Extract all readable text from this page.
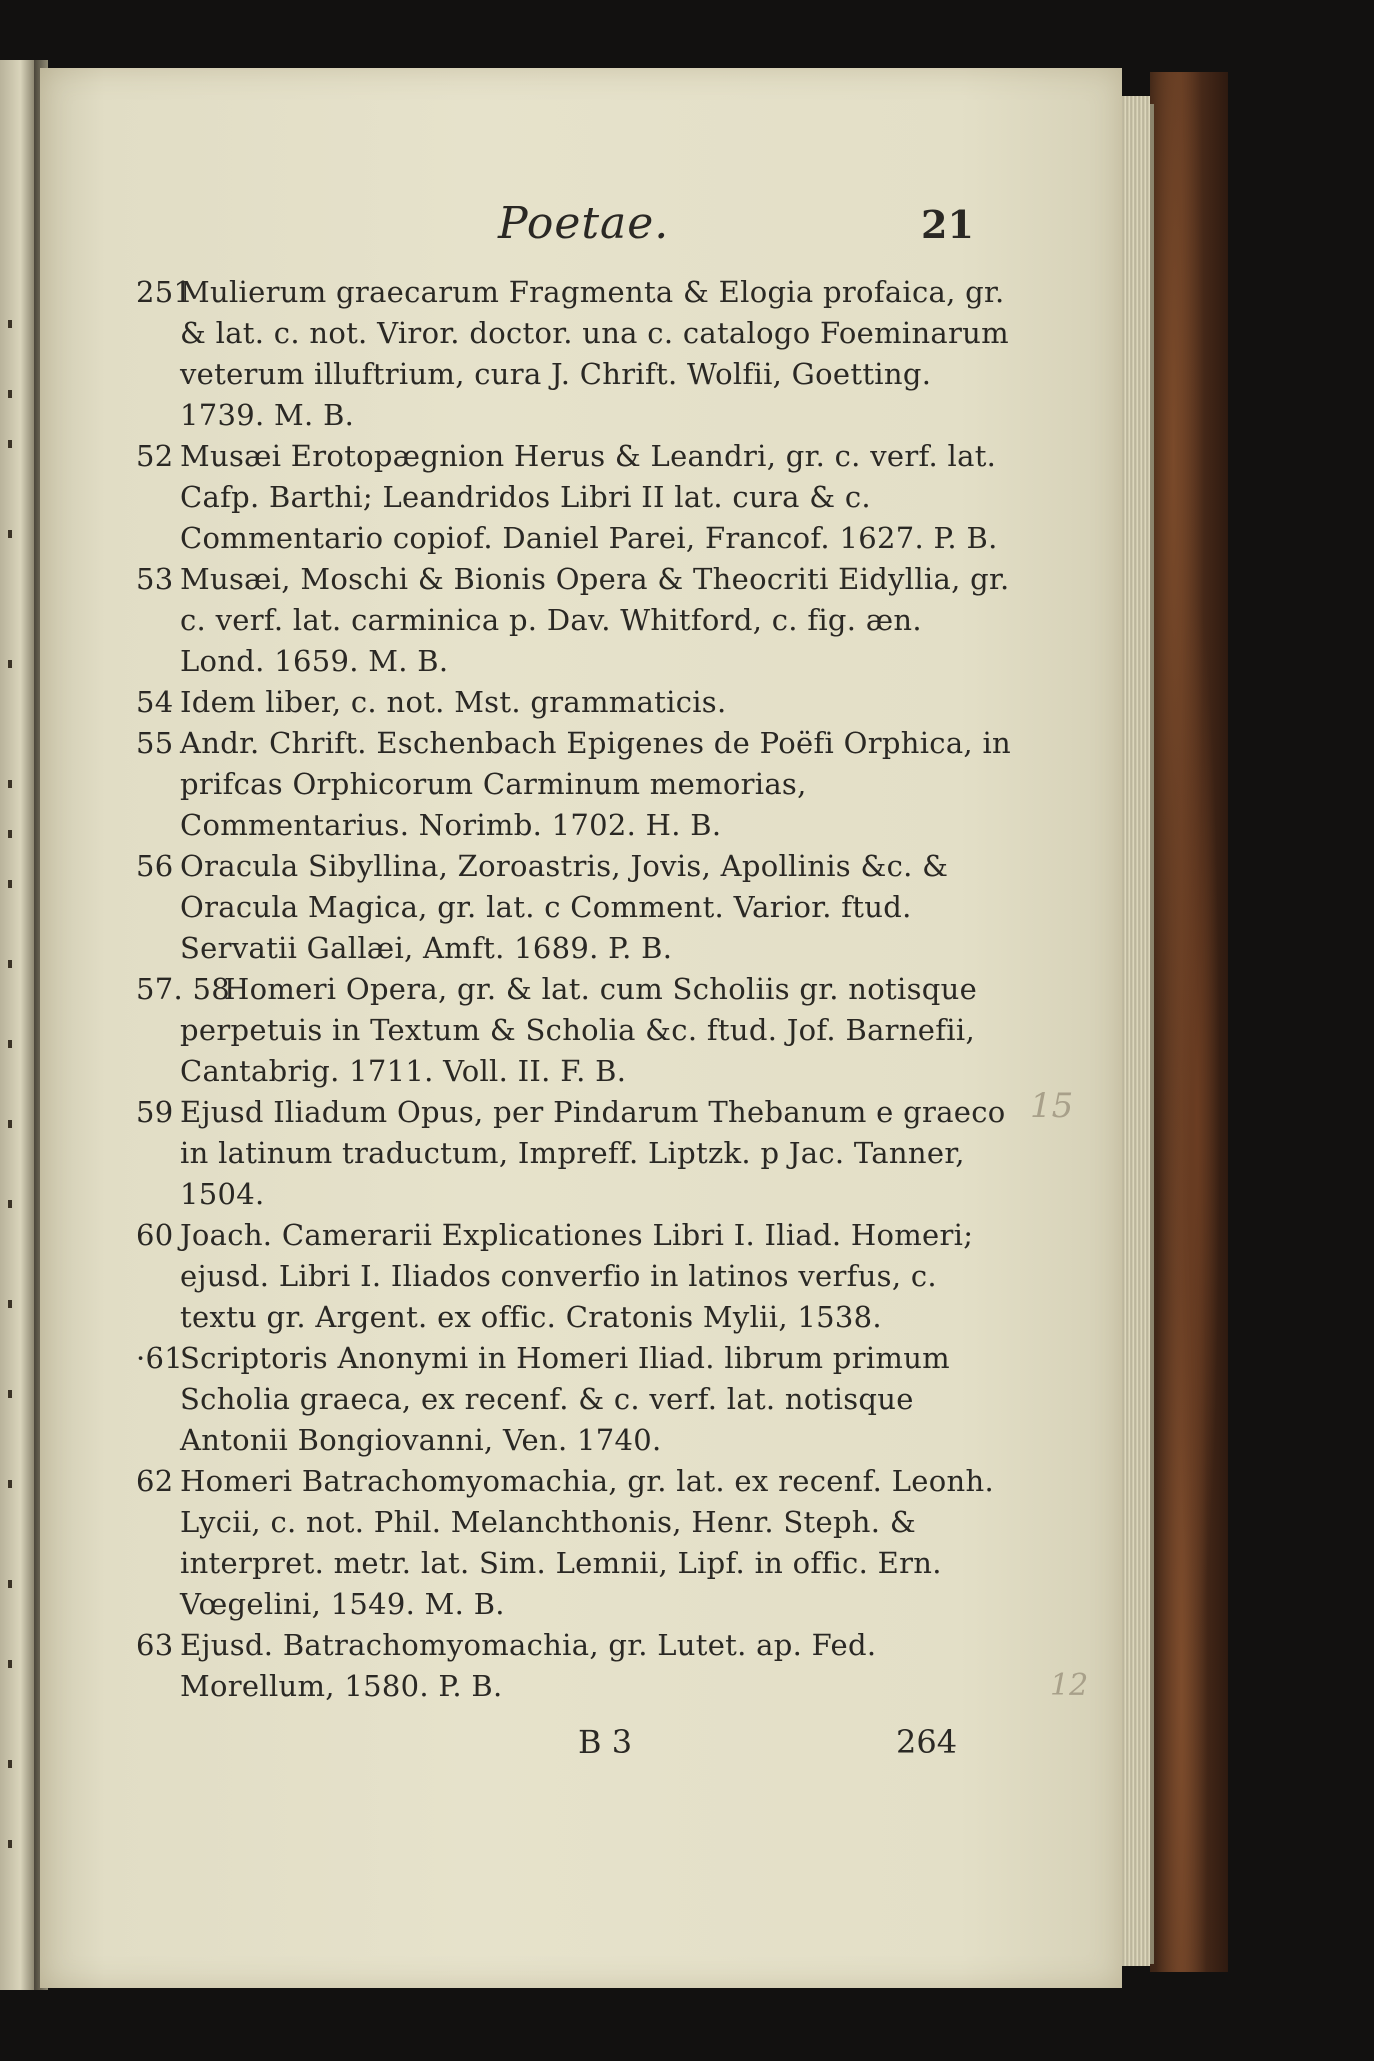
Poetae.	21
251
Mulierum graecarum Fragmenta & Elogia profaica, gr. & lat. c. not. Viror. doctor. una c. catalogo Foeminarum veterum illuftrium, cura J. Chrift. Wolfii, Goetting. 1739. M. B.
52 Musæi Erotopægnion Herus & Leandri, gr. c. verf. lat. Cafp. Barthi; Leandridos Libri II lat. cura & c. Commentario copiof. Daniel Parei, Francof. 1627. P. B.
53 Musæi, Moschi & Bionis Opera & Theocriti Eidyllia, gr. c. verf. lat. carminica p. Dav. Whitford, c. fig. æn. Lond. 1659. M. B.
54 Idem liber, c. not. Mst. grammaticis.
55 Andr. Chrift. Eschenbach Epigenes de Poëfi Orphica, in prifcas Orphicorum Carminum memorias, Commentarius. Norimb. 1702. H. B.
56 Oracula Sibyllina, Zoroastris, Jovis, Apollinis &c. & Oracula Magica, gr. lat. c Comment. Varior. ftud. Servatii Gallæi, Amft. 1689. P. B.
57. 58
Homeri Opera, gr. & lat. cum Scholiis gr. notisque perpetuis in Textum & Scholia &c. ftud. Jof. Barnefii, Cantabrig. 1711. Voll. II. F. B.
59 Ejusd Iliadum Opus, per Pindarum Thebanum e graeco in latinum traductum, Impreff. Liptzk. p Jac. Tanner, 1504.
60 Joach. Camerarii Explicationes Libri I. Iliad. Homeri; ejusd. Libri I. Iliados converfio in latinos verfus, c. textu gr. Argent. ex offic. Cratonis Mylii, 1538.
·61
Scriptoris Anonymi in Homeri Iliad. librum primum Scholia graeca, ex recenf. & c. verf. lat. notisque Antonii Bongiovanni, Ven. 1740.
62 Homeri Batrachomyomachia, gr. lat. ex recenf. Leonh. Lycii, c. not. Phil. Melanchthonis, Henr. Steph. & interpret. metr. lat. Sim. Lemnii, Lipf. in offic. Ern. Vœgelini, 1549. M. B.
63 Ejusd. Batrachomyomachia, gr. Lutet. ap. Fed. Morellum, 1580. P. B.
B 3	264
15
12
